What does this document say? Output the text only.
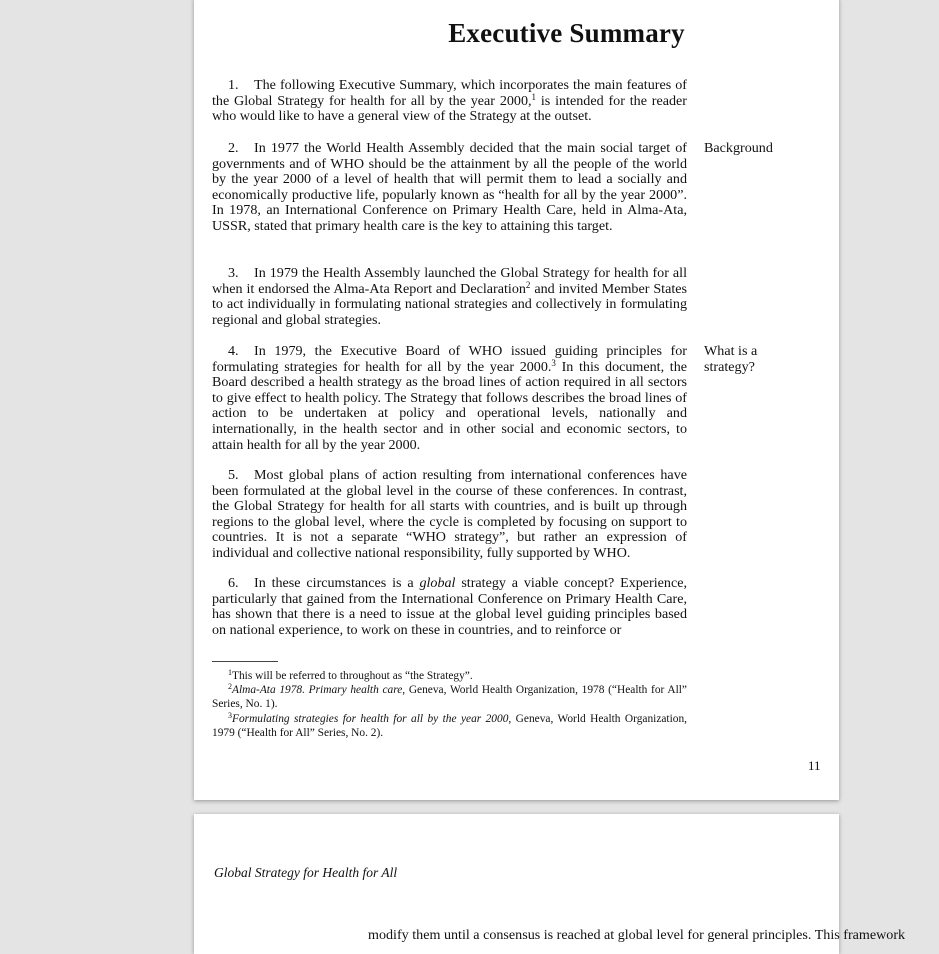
Executive Summary
1. The following Executive Summary, which incorporates the main features of the Global Strategy for health for all by the year 2000,$^1$ is intended for the reader who would like to have a general view of the Strategy at the outset.
2. In 1977 the World Health Assembly decided that the main social target of governments and of WHO should be the attainment by all the people of the world by the year 2000 of a level of health that will permit them to lead a socially and economically productive life, popularly known as “health for all by the year 2000”. In 1978, an International Conference on Primary Health Care, held in Alma-Ata, USSR, stated that primary health care is the key to attaining this target.
Background
3. In 1979 the Health Assembly launched the Global Strategy for health for all when it endorsed the Alma-Ata Report and Declaration$^2$ and invited Member States to act individually in formulating national strategies and collectively in formulating regional and global strategies.
4. In 1979, the Executive Board of WHO issued guiding principles for formulating strategies for health for all by the year 2000.$^3$ In this document, the Board described a health strategy as the broad lines of action required in all sectors to give effect to health policy. The Strategy that follows describes the broad lines of action to be undertaken at policy and operational levels, nationally and internationally, in the health sector and in other social and economic sectors, to attain health for all by the year 2000.
What is a strategy?
5. Most global plans of action resulting from international conferences have been formulated at the global level in the course of these conferences. In contrast, the Global Strategy for health for all starts with countries, and is built up through regions to the global level, where the cycle is completed by focusing on support to countries. It is not a separate “WHO strategy”, but rather an expression of individual and collective national responsibility, fully supported by WHO.
6. In these circumstances is a global strategy a viable concept? Experience, particularly that gained from the International Conference on Primary Health Care, has shown that there is a need to issue at the global level guiding principles based on national experience, to work on these in countries, and to reinforce or
$^1$This will be referred to throughout as “the Strategy”.
$^2$Alma-Ata 1978. Primary health care, Geneva, World Health Organization, 1978 (“Health for All” Series, No. 1).
$^3$Formulating strategies for health for all by the year 2000, Geneva, World Health Organization, 1979 (“Health for All” Series, No. 2).
11
Global Strategy for Health for All
modify them until a consensus is reached at global level for general principles. This framework
